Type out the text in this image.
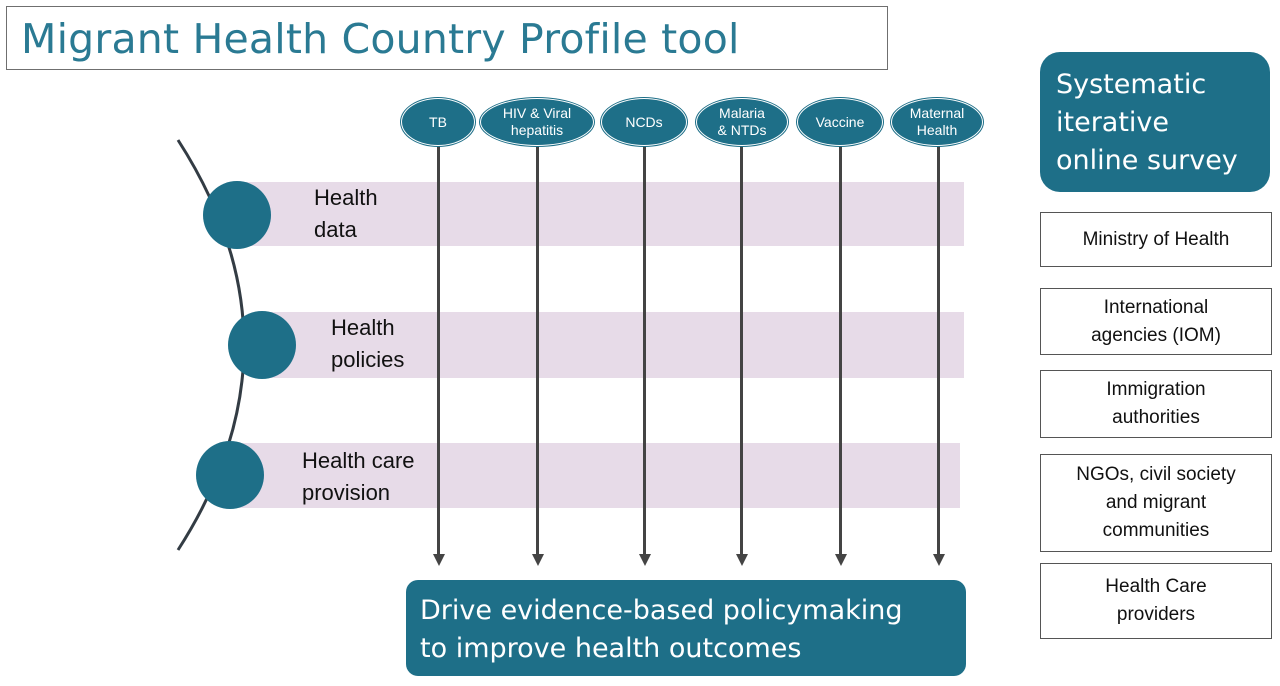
Migrant Health Country Profile tool
Health
data
Health
policies
Health care
provision
TB
HIV & Viral
hepatitis
NCDs
Malaria
& NTDs
Vaccine
Maternal
Health
Drive evidence-based policymaking
to improve health outcomes
Systematic
iterative
online survey
Ministry of Health
International
agencies (IOM)
Immigration
authorities
NGOs, civil society
and migrant
communities
Health Care
providers
